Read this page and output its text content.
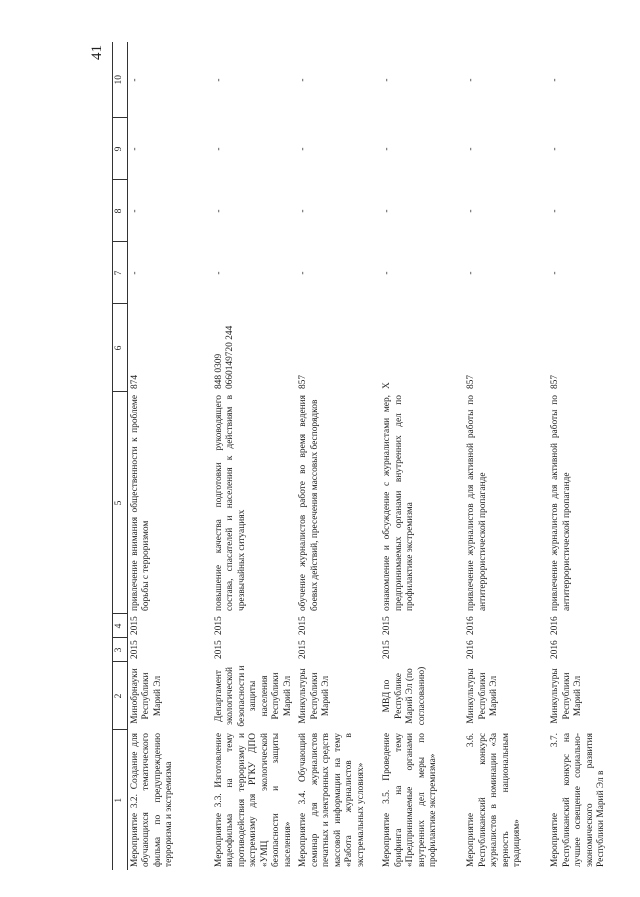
41
1	2	3	4	5	6	7	8	9	10
Мероприятие 3.2. Создание для обучающихся тематического фильма по предупреждению терроризма и экстремизма	Минобрнауки Республики Марий Эл	2015	2015	привлечение внимания общественности к проблеме борьбы с терроризмом	874	-	-	-	-
Мероприятие 3.3. Изготовление видеофильма на тему противодействия терроризму и экстремизму для РГКУ ДПО «УМЦ экологической безопасности и защиты населения»	Департамент экологической безопасности и защиты населения Республики Марий Эл	2015	2015	повышение качества подготовки руководящего состава, спасателей и населения к действиям в чрезвычайных ситуациях	848 0309 0660149720 244	-	-	-	-
Мероприятие 3.4. Обучающий семинар для журналистов печатных и электронных средств массовой информации на тему «Работа журналистов в экстремальных условиях»	Минкультуры Республики Марий Эл	2015	2015	обучение журналистов работе во время ведения боевых действий, пресечения массовых беспорядков	857	-	-	-	-
Мероприятие 3.5. Проведение брифинга на тему «Предпринимаемые органами внутренних дел меры по профилактике экстремизма»	МВД по Республике Марий Эл (по согласованию)	2015	2015	ознакомление и обсуждение с журналистами мер, предпринимаемых органами внутренних дел по профилактике экстремизма	Х	-	-	-	-
Мероприятие 3.6. Республиканский конкурс журналистов в номинации «За верность национальным традициям»	Минкультуры Республики Марий Эл	2016	2016	привлечение журналистов для активной работы по антитеррористической пропаганде	857	-	-	-	-
Мероприятие 3.7. Республиканский конкурс на лучшее освещение социально-экономического развития Республики Марий Эл в	Минкультуры Республики Марий Эл	2016	2016	привлечение журналистов для активной работы по антитеррористической пропаганде	857	-	-	-	-
